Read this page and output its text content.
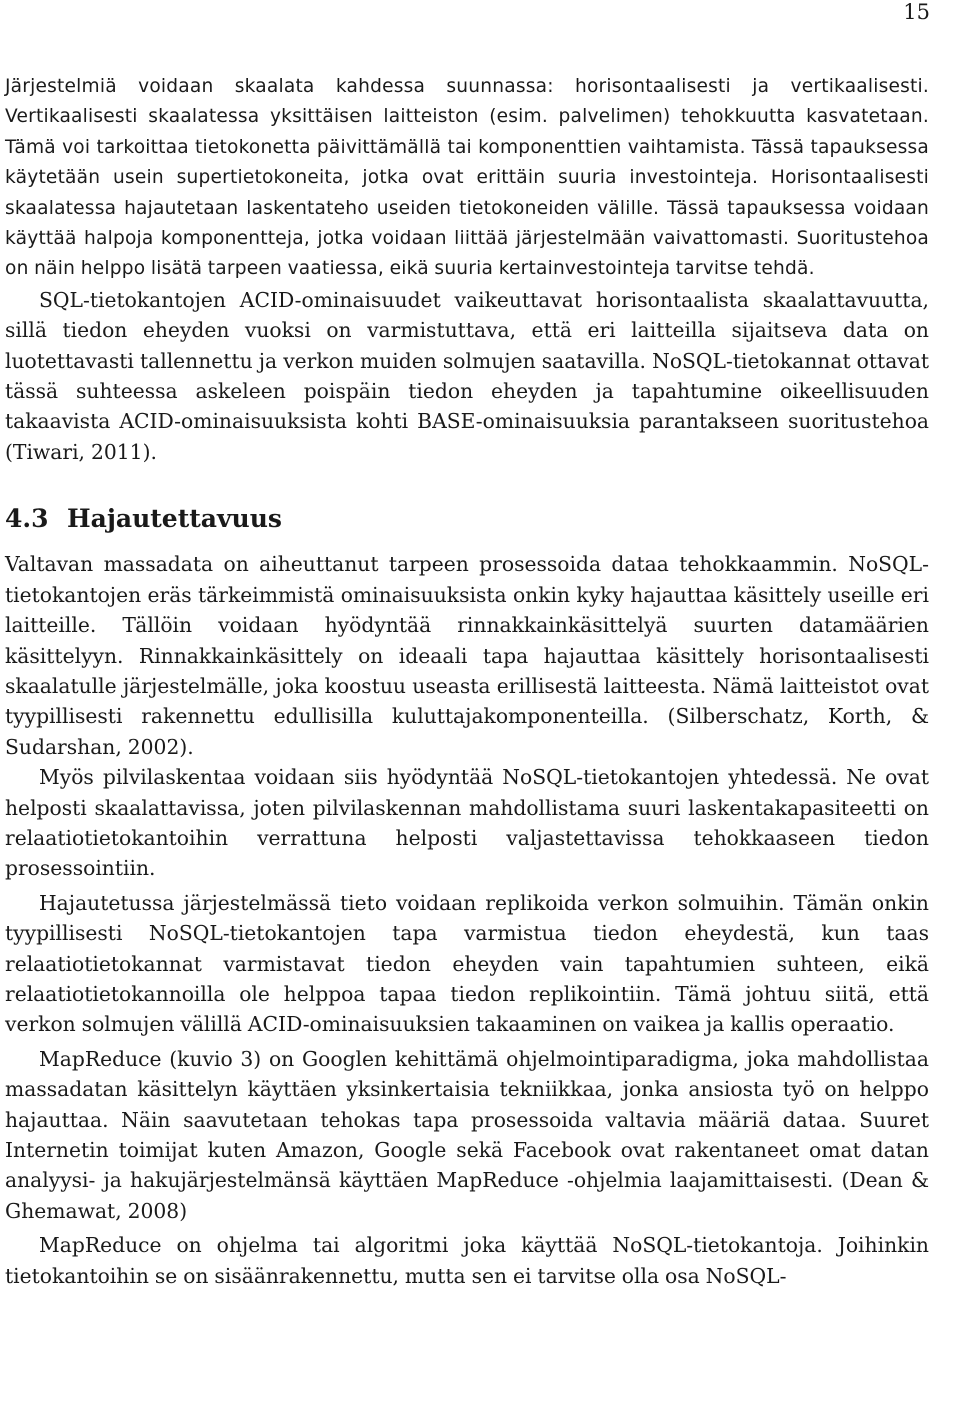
15

Järjestelmiä voidaan skaalata kahdessa suunnassa: horisontaalisesti ja vertikaalisesti. Vertikaalisesti skaalatessa yksittäisen laitteiston (esim. palvelimen) tehokkuutta kasvatetaan. Tämä voi tarkoittaa tietokonetta päivittämällä tai komponenttien vaihtamista. Tässä tapauksessa käytetään usein supertietokoneita, jotka ovat erittäin suuria investointeja. Horisontaalisesti skaalatessa hajautetaan laskentateho useiden tietokoneiden välille. Tässä tapauksessa voidaan käyttää halpoja komponentteja, jotka voidaan liittää järjestelmään vaivattomasti. Suoritustehoa on näin helppo lisätä tarpeen vaatiessa, eikä suuria kertainvestointeja tarvitse tehdä.

SQL-tietokantojen ACID-ominaisuudet vaikeuttavat horisontaalista skaalattavuutta, sillä tiedon eheyden vuoksi on varmistuttava, että eri laitteilla sijaitseva data on luotettavasti tallennettu ja verkon muiden solmujen saatavilla. NoSQL-tietokannat ottavat tässä suhteessa askeleen poispäin tiedon eheyden ja tapahtumine oikeellisuuden takaavista ACID-ominaisuuksista kohti BASE-ominaisuuksia parantakseen suoritustehoa (Tiwari, 2011).

4.3 Hajautettavuus

Valtavan massadata on aiheuttanut tarpeen prosessoida dataa tehokkaammin. NoSQL-tietokantojen eräs tärkeimmistä ominaisuuksista onkin kyky hajauttaa käsittely useille eri laitteille. Tällöin voidaan hyödyntää rinnakkainkäsittelyä suurten datamäärien käsittelyyn. Rinnakkainkäsittely on ideaali tapa hajauttaa käsittely horisontaalisesti skaalatulle järjestelmälle, joka koostuu useasta erillisestä laitteesta. Nämä laitteistot ovat tyypillisesti rakennettu edullisilla kuluttajakomponenteilla. (Silberschatz, Korth, & Sudarshan, 2002).

Myös pilvilaskentaa voidaan siis hyödyntää NoSQL-tietokantojen yhtedessä. Ne ovat helposti skaalattavissa, joten pilvilaskennan mahdollistama suuri laskentakapasiteetti on relaatiotietokantoihin verrattuna helposti valjastettavissa tehokkaaseen tiedon prosessointiin.

Hajautetussa järjestelmässä tieto voidaan replikoida verkon solmuihin. Tämän onkin tyypillisesti NoSQL-tietokantojen tapa varmistua tiedon eheydestä, kun taas relaatiotietokannat varmistavat tiedon eheyden vain tapahtumien suhteen, eikä relaatiotietokannoilla ole helppoa tapaa tiedon replikointiin. Tämä johtuu siitä, että verkon solmujen välillä ACID-ominaisuuksien takaaminen on vaikea ja kallis operaatio.

MapReduce (kuvio 3) on Googlen kehittämä ohjelmointiparadigma, joka mahdollistaa massadatan käsittelyn käyttäen yksinkertaisia tekniikkaa, jonka ansiosta työ on helppo hajauttaa. Näin saavutetaan tehokas tapa prosessoida valtavia määriä dataa. Suuret Internetin toimijat kuten Amazon, Google sekä Facebook ovat rakentaneet omat datan analyysi- ja hakujärjestelmänsä käyttäen MapReduce -ohjelmia laajamittaisesti. (Dean & Ghemawat, 2008)

MapReduce on ohjelma tai algoritmi joka käyttää NoSQL-tietokantoja. Joihinkin tietokantoihin se on sisäänrakennettu, mutta sen ei tarvitse olla osa NoSQL-
